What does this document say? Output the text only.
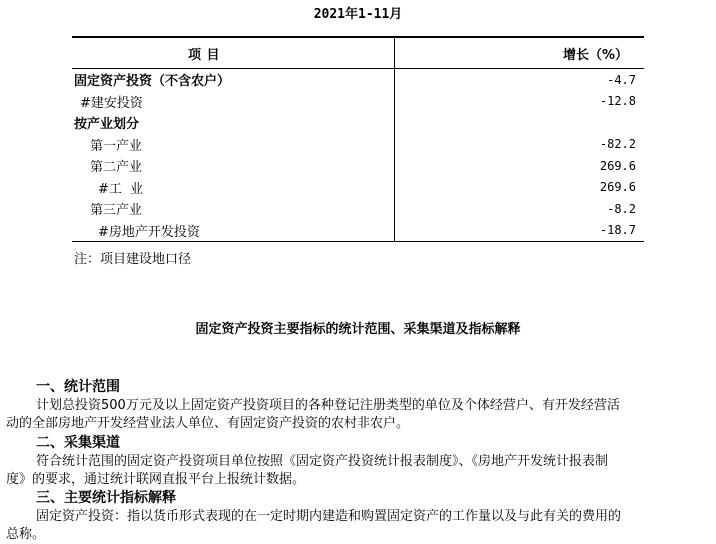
2021年1-11月
项 目	增长（%）
固定资产投资（不含农户）	-4.7
#建安投资	-12.8
按产业划分	
第一产业	-82.2
第二产业	269.6
#工  业	269.6
第三产业	-8.2
#房地产开发投资	-18.7
注：项目建设地口径
固定资产投资主要指标的统计范围、采集渠道及指标解释
一、统计范围
计划总投资500万元及以上固定资产投资项目的各种登记注册类型的单位及个体经营户、有开发经营活
动的全部房地产开发经营业法人单位、有固定资产投资的农村非农户。
二、采集渠道
符合统计范围的固定资产投资项目单位按照《固定资产投资统计报表制度》、《房地产开发统计报表制
度》的要求，通过统计联网直报平台上报统计数据。
三、主要统计指标解释
固定资产投资：指以货币形式表现的在一定时期内建造和购置固定资产的工作量以及与此有关的费用的
总称。
